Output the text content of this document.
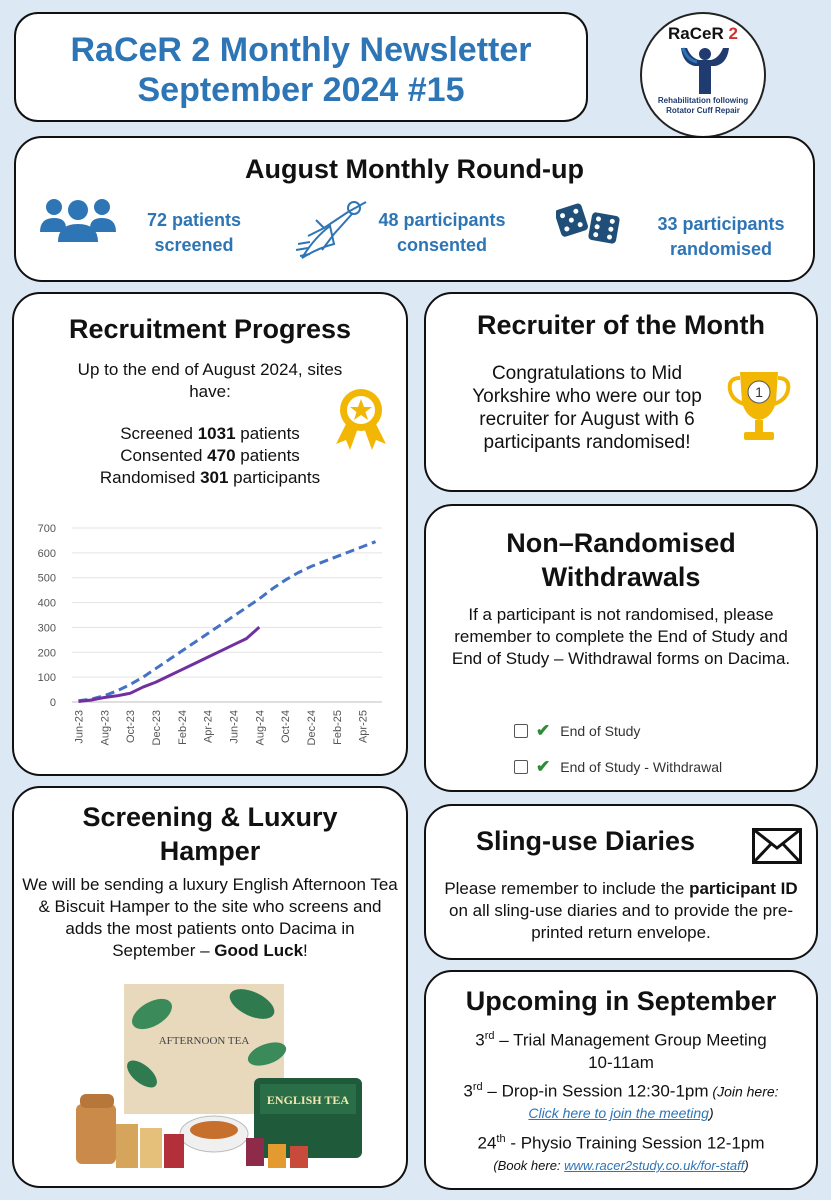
RaCeR 2 Monthly Newsletter
September 2024 #15
RaCeR 2
Rehabilitation following
Rotator Cuff Repair
August Monthly Round-up
72 patients
screened
48 participants
consented
33 participants
randomised
Recruitment Progress
Up to the end of August 2024, sites have:
Screened 1031 patients
Consented 470 patients
Randomised 301 participants
0
100
200
300
400
500
600
700
Jun-23 Aug-23 Oct-23 Dec-23 Feb-24 Apr-24 Jun-24 Aug-24 Oct-24 Dec-24 Feb-25 Apr-25
Recruiter of the Month
Congratulations to Mid Yorkshire who were our top recruiter for August with 6 participants randomised!
1
Non–Randomised
Withdrawals
If a participant is not randomised, please remember to complete the End of Study and End of Study – Withdrawal forms on Dacima.
✔ End of Study
✔ End of Study - Withdrawal
Screening & Luxury
Hamper
We will be sending a luxury English Afternoon Tea & Biscuit Hamper to the site who screens and adds the most patients onto Dacima in September – Good Luck!
AFTERNOON TEA
ENGLISH TEA
Sling-use Diaries
Please remember to include the participant ID on all sling-use diaries and to provide the pre-printed return envelope.
Upcoming in September
3rd – Trial Management Group Meeting
10-11am
3rd – Drop-in Session 12:30-1pm (Join here:
Click here to join the meeting)
24th - Physio Training Session 12-1pm
(Book here: www.racer2study.co.uk/for-staff)
